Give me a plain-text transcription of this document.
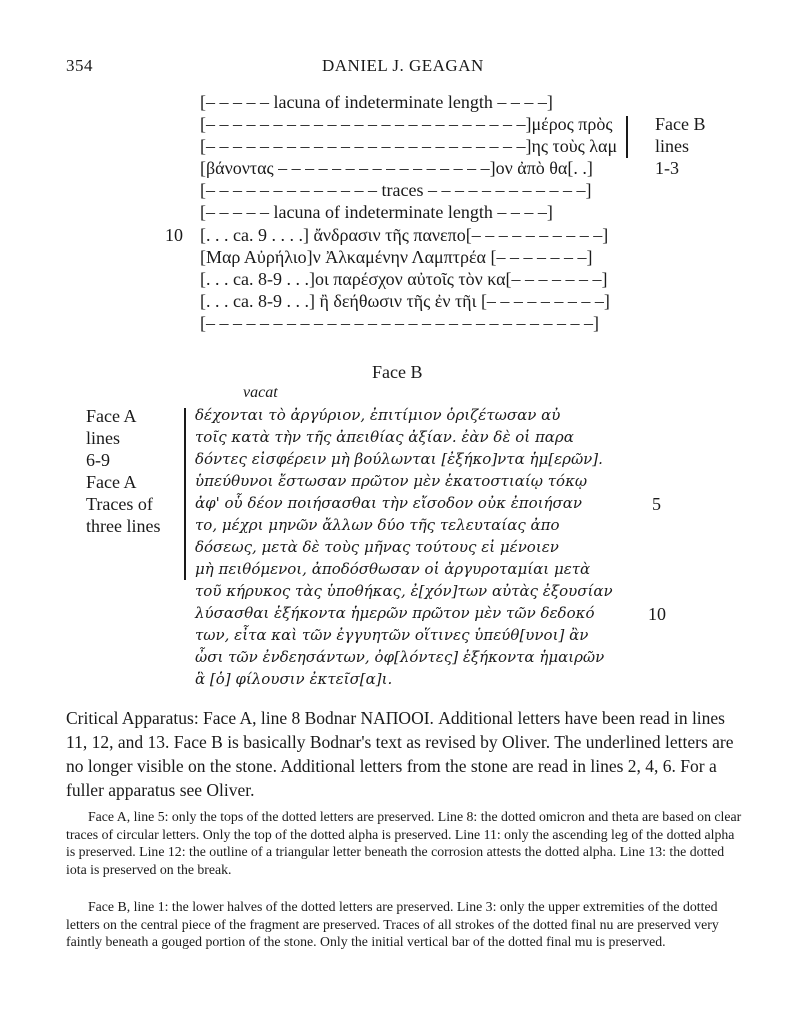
354	DANIEL J. GEAGAN
[– – – – – lacuna of indeterminate length – – – –]
[– – – – – – – – – – – – – – – – – – – – – – – –]μέρος πρὸς
[– – – – – – – – – – – – – – – – – – – – – – – –]ης τοὺς λαμ
[βάνοντας – – – – – – – – – – – – – – – –]ον ἀπὸ θα[. .]
[– – – – – – – – – – – – – traces – – – – – – – – – – – –]
[– – – – – lacuna of indeterminate length – – – –]
[. . . ca. 9 . . . .] ἄνδρασιν τῆς πανεπο[– – – – – – – – – –]
[Μαρ Αὐρήλιο]ν Ἀλκαμένην Λαμπτρέα [– – – – – – –]
[. . . ca. 8-9 . . .]οι παρέσχον αὐτοῖς τὸν κα[– – – – – – –]
[. . . ca. 8-9 . . .] ἢ δεήθωσιν τῆς ἐν τῆι [– – – – – – – – –]
[– – – – – – – – – – – – – – – – – – – – – – – – – – – – –]
10
Face B
lines
1-3
Face B
vacat
Face A
lines
6-9
Face A
Traces of
three lines
δέχονται τὸ ἀργύριον, ἐπιτίμιον ὁριζέτωσαν αὐ
τοῖς κατὰ τὴν τῆς ἀπειθίας ἀξίαν. ἐὰν δὲ οἱ παρα
δόντες εἰσφέρειν μὴ βούλωνται [ἐξήκο]ντα ἡμ[ερῶν].
ὑπεύθυνοι ἔστωσαν πρῶτον μὲν ἑκατοστιαίῳ τόκῳ
ἀφ' οὗ δέον ποιήσασθαι τὴν εἴσοδον οὐκ ἐποιήσαν
το, μέχρι μηνῶν ἄλλων δύο τῆς τελευταίας ἀπο
δόσεως, μετὰ δὲ τοὺς μῆνας τούτους εἰ μένοιεν
μὴ πειθόμενοι, ἀποδόσθωσαν οἱ ἀργυροταμίαι μετὰ
τοῦ κήρυκος τὰς ὑποθήκας, ἐ[χόν]των αὐτὰς ἐξουσίαν
λύσασθαι ἑξήκοντα ἡμερῶν πρῶτον μὲν τῶν δεδοκό
των, εἶτα καὶ τῶν ἐγγυητῶν οἵτινες ὑπεύθ[υνοι] ἂν
ὦσι τῶν ἐνδεησάντων, ὀφ[λόντες] ἑξήκοντα ἡμαιρῶν
ἃ [ὁ] φίλουσιν ἐκτεῖσ[α]ι.
5
10
Critical Apparatus: Face A, line 8 Bodnar ΝΑΠΟΟΙ. Additional letters have been read in lines 11, 12, and 13. Face B is basically Bodnar's text as revised by Oliver. The underlined letters are no longer visible on the stone. Additional letters from the stone are read in lines 2, 4, 6. For a fuller apparatus see Oliver.
Face A, line 5: only the tops of the dotted letters are preserved. Line 8: the dotted omicron and theta are based on clear traces of circular letters. Only the top of the dotted alpha is preserved. Line 11: only the ascending leg of the dotted alpha is preserved. Line 12: the outline of a triangular letter beneath the corrosion attests the dotted alpha. Line 13: the dotted iota is preserved on the break.
Face B, line 1: the lower halves of the dotted letters are preserved. Line 3: only the upper extremities of the dotted letters on the central piece of the fragment are preserved. Traces of all strokes of the dotted final nu are preserved very faintly beneath a gouged portion of the stone. Only the initial vertical bar of the dotted final mu is preserved.
